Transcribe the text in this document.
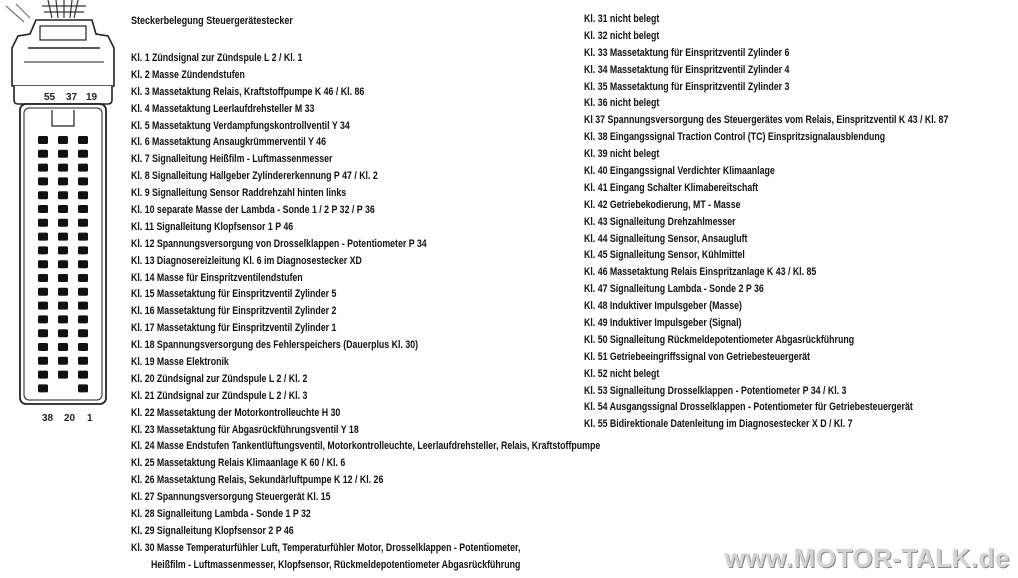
55 37 19
38 20 1
Steckerbelegung Steuergerätestecker
Kl. 1 Zündsignal zur Zündspule L 2 / Kl. 1
Kl. 2 Masse Zündendstufen
Kl. 3 Massetaktung Relais, Kraftstoffpumpe K 46 / Kl. 86
Kl. 4 Massetaktung Leerlaufdrehsteller M 33
Kl. 5 Massetaktung Verdampfungskontrollventil Y 34
Kl. 6 Massetaktung Ansaugkrümmerventil Y 46
Kl. 7 Signalleitung Heißfilm - Luftmassenmesser
Kl. 8 Signalleitung Hallgeber Zylindererkennung P 47 / Kl. 2
Kl. 9 Signalleitung Sensor Raddrehzahl hinten links
Kl. 10 separate Masse der Lambda - Sonde 1 / 2 P 32 / P 36
Kl. 11 Signalleitung Klopfsensor 1 P 46
Kl. 12 Spannungsversorgung von Drosselklappen - Potentiometer P 34
Kl. 13 Diagnosereizleitung Kl. 6 im Diagnosestecker XD
Kl. 14 Masse für Einspritzventilendstufen
Kl. 15 Massetaktung für Einspritzventil Zylinder 5
Kl. 16 Massetaktung für Einspritzventil Zylinder 2
Kl. 17 Massetaktung für Einspritzventil Zylinder 1
Kl. 18 Spannungsversorgung des Fehlerspeichers (Dauerplus Kl. 30)
Kl. 19 Masse Elektronik
Kl. 20 Zündsignal zur Zündspule L 2 / Kl. 2
Kl. 21 Zündsignal zur Zündspule L 2 / Kl. 3
Kl. 22 Massetaktung der Motorkontrolleuchte H 30
Kl. 23 Massetaktung für Abgasrückführungsventil Y 18
Kl. 24 Masse Endstufen Tankentlüftungsventil, Motorkontrolleuchte, Leerlaufdrehsteller, Relais, Kraftstoffpumpe
Kl. 25 Massetaktung Relais Klimaanlage K 60 / Kl. 6
Kl. 26 Massetaktung Relais, Sekundärluftpumpe K 12 / Kl. 26
Kl. 27 Spannungsversorgung Steuergerät Kl. 15
Kl. 28 Signalleitung Lambda - Sonde 1 P 32
Kl. 29 Signalleitung Klopfsensor 2 P 46
Kl. 30 Masse Temperaturfühler Luft, Temperaturfühler Motor, Drosselklappen - Potentiometer,
Heißfilm - Luftmassenmesser, Klopfsensor, Rückmeldepotentiometer Abgasrückführung
Kl. 31 nicht belegt
Kl. 32 nicht belegt
Kl. 33 Massetaktung für Einspritzventil Zylinder 6
Kl. 34 Massetaktung für Einspritzventil Zylinder 4
Kl. 35 Massetaktung für Einspritzventil Zylinder 3
Kl. 36 nicht belegt
Kl 37 Spannungsversorgung des Steuergerätes vom Relais, Einspritzventil K 43 / Kl. 87
Kl. 38 Eingangssignal Traction Control (TC) Einspritzsignalausblendung
Kl. 39 nicht belegt
Kl. 40 Eingangssignal Verdichter Klimaanlage
Kl. 41 Eingang Schalter Klimabereitschaft
Kl. 42 Getriebekodierung, MT - Masse
Kl. 43 Signalleitung Drehzahlmesser
Kl. 44 Signalleitung Sensor, Ansaugluft
Kl. 45 Signalleitung Sensor, Kühlmittel
Kl. 46 Massetaktung Relais Einspritzanlage K 43 / Kl. 85
Kl. 47 Signalleitung Lambda - Sonde 2 P 36
Kl. 48 Induktiver Impulsgeber (Masse)
Kl. 49 Induktiver Impulsgeber (Signal)
Kl. 50 Signalleitung Rückmeldepotentiometer Abgasrückführung
Kl. 51 Getriebeeingriffssignal von Getriebesteuergerät
Kl. 52 nicht belegt
Kl. 53 Signalleitung Drosselklappen - Potentiometer P 34 / Kl. 3
Kl. 54 Ausgangssignal Drosselklappen - Potentiometer für Getriebesteuergerät
Kl. 55 Bidirektionale Datenleitung im Diagnosestecker X D / Kl. 7
www.MOTOR-TALK.de
